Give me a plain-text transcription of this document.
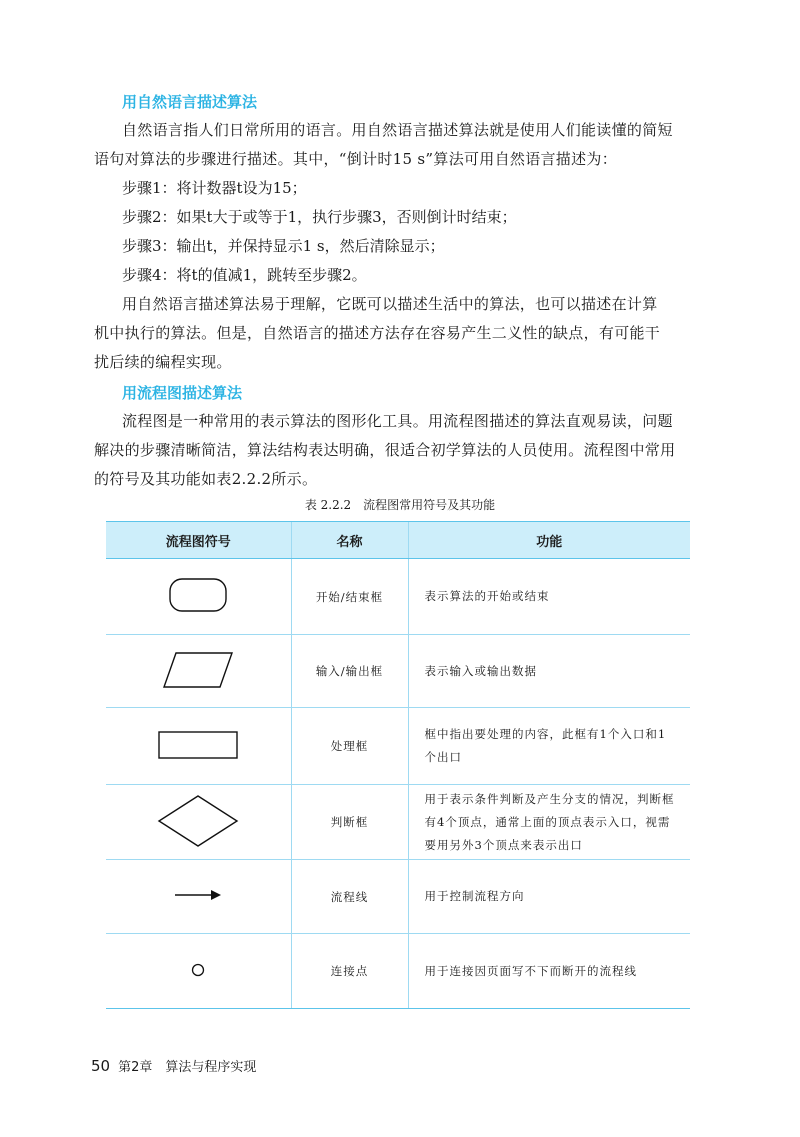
用自然语言描述算法
自然语言指人们日常所用的语言。用自然语言描述算法就是使用人们能读懂的简短
语句对算法的步骤进行描述。其中，“倒计时15 s”算法可用自然语言描述为：
步骤1：将计数器t设为15；
步骤2：如果t大于或等于1，执行步骤3，否则倒计时结束；
步骤3：输出t，并保持显示1 s，然后清除显示；
步骤4：将t的值减1，跳转至步骤2。
用自然语言描述算法易于理解，它既可以描述生活中的算法，也可以描述在计算
机中执行的算法。但是，自然语言的描述方法存在容易产生二义性的缺点，有可能干
扰后续的编程实现。
用流程图描述算法
流程图是一种常用的表示算法的图形化工具。用流程图描述的算法直观易读，问题
解决的步骤清晰简洁，算法结构表达明确，很适合初学算法的人员使用。流程图中常用
的符号及其功能如表2.2.2所示。
表 2.2.2　流程图常用符号及其功能
流程图符号	名称	功能
	开始/结束框	表示算法的开始或结束
	输入/输出框	表示输入或输出数据
	处理框	框中指出要处理的内容，此框有1个入口和1个出口
	判断框	用于表示条件判断及产生分支的情况，判断框有4个顶点，通常上面的顶点表示入口，视需要用另外3个顶点来表示出口
	流程线	用于控制流程方向
	连接点	用于连接因页面写不下而断开的流程线
50 第2章　算法与程序实现
